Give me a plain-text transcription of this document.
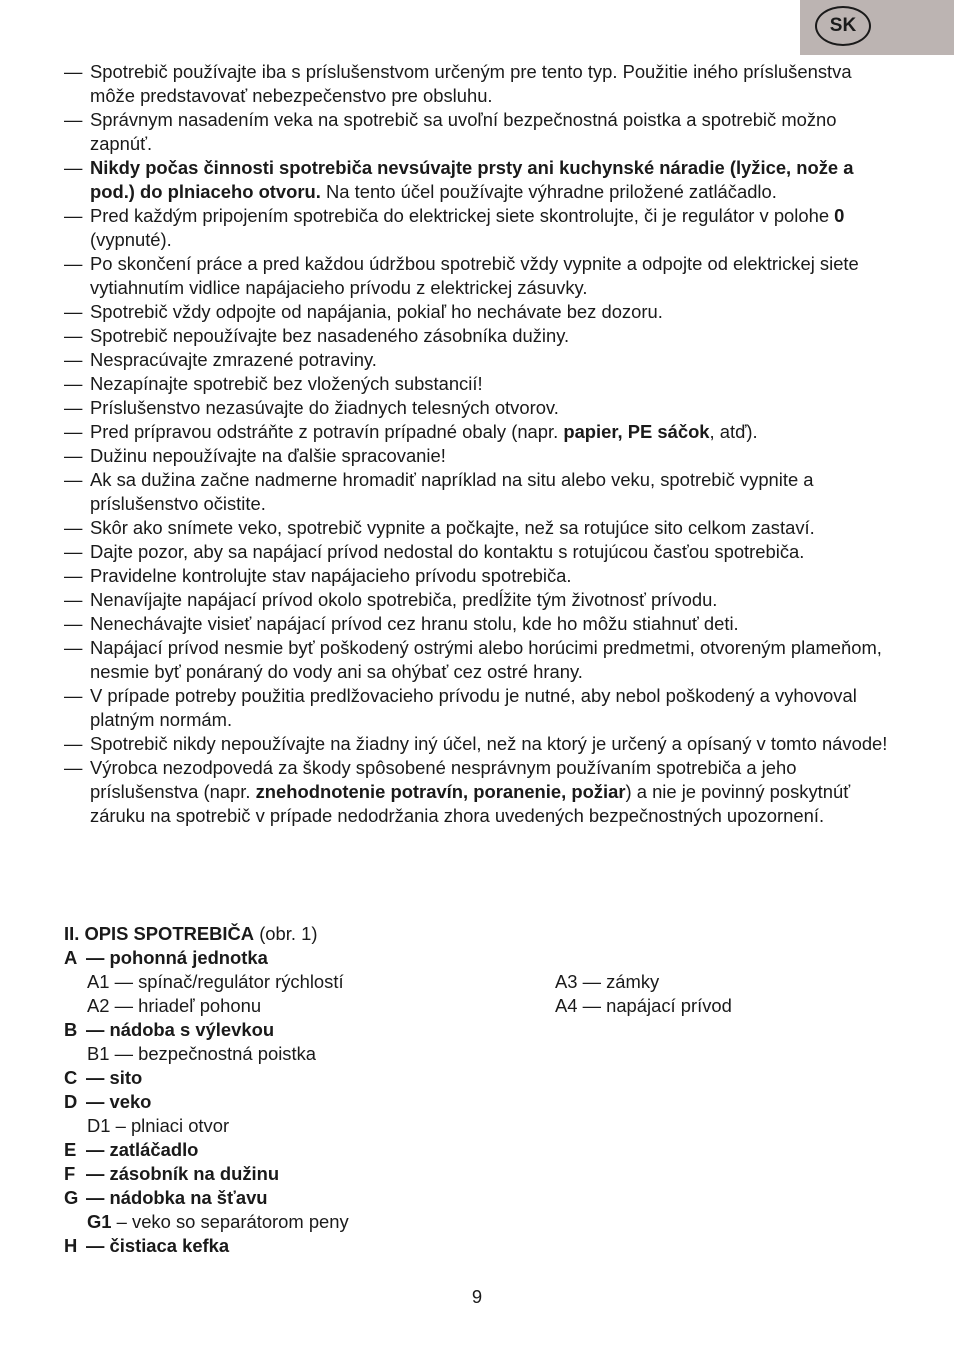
SK
— Spotrebič používajte iba s príslušenstvom určeným pre tento typ. Použitie iného príslušenstva môže predstavovať nebezpečenstvo pre obsluhu.
— Správnym nasadením veka na spotrebič sa uvoľní bezpečnostná poistka a spotrebič možno zapnúť.
— Nikdy počas činnosti spotrebiča nevsúvajte prsty ani kuchynské náradie (lyžice, nože a pod.) do plniaceho otvoru. Na tento účel používajte výhradne priložené zatláčadlo.
— Pred každým pripojením spotrebiča do elektrickej siete skontrolujte, či je regulátor v polohe 0 (vypnuté).
— Po skončení práce a pred každou údržbou spotrebič vždy vypnite a odpojte od elektrickej siete vytiahnutím vidlice napájacieho prívodu z elektrickej zásuvky.
— Spotrebič vždy odpojte od napájania, pokiaľ ho nechávate bez dozoru.
— Spotrebič nepoužívajte bez nasadeného zásobníka dužiny.
— Nespracúvajte zmrazené potraviny.
— Nezapínajte spotrebič bez vložených substancií!
— Príslušenstvo nezasúvajte do žiadnych telesných otvorov.
— Pred prípravou odstráňte z potravín prípadné obaly (napr. papier, PE sáčok, atď).
— Dužinu nepoužívajte na ďalšie spracovanie!
— Ak sa dužina začne nadmerne hromadiť napríklad na situ alebo veku, spotrebič vypnite a príslušenstvo očistite.
— Skôr ako snímete veko, spotrebič vypnite a počkajte, než sa rotujúce sito celkom zastaví.
— Dajte pozor, aby sa napájací prívod nedostal do kontaktu s rotujúcou časťou spotrebiča.
— Pravidelne kontrolujte stav napájacieho prívodu spotrebiča.
— Nenavíjajte napájací prívod okolo spotrebiča, predĺžite tým životnosť prívodu.
— Nenechávajte visieť napájací prívod cez hranu stolu, kde ho môžu stiahnuť deti.
— Napájací prívod nesmie byť poškodený ostrými alebo horúcimi predmetmi, otvoreným plameňom, nesmie byť ponáraný do vody ani sa ohýbať cez ostré hrany.
— V prípade potreby použitia predlžovacieho prívodu je nutné, aby nebol poškodený a vyhovoval platným normám.
— Spotrebič nikdy nepoužívajte na žiadny iný účel, než na ktorý je určený a opísaný v tomto návode!
— Výrobca nezodpovedá za škody spôsobené nesprávnym používaním spotrebiča a jeho príslušenstva (napr. znehodnotenie potravín, poranenie, požiar) a nie je povinný poskytnúť záruku na spotrebič v prípade nedodržania zhora uvedených bezpečnostných upozornení.
II. OPIS SPOTREBIČA (obr. 1)
A — pohonná jednotka
A1 — spínač/regulátor rýchlostí	A3 — zámky
A2 — hriadeľ pohonu	A4 — napájací prívod
B — nádoba s výlevkou
B1 — bezpečnostná poistka
C — sito
D — veko
D1 – plniaci otvor
E — zatláčadlo
F — zásobník na dužinu
G — nádobka na šťavu
G1 – veko so separátorom peny
H — čistiaca kefka
9
